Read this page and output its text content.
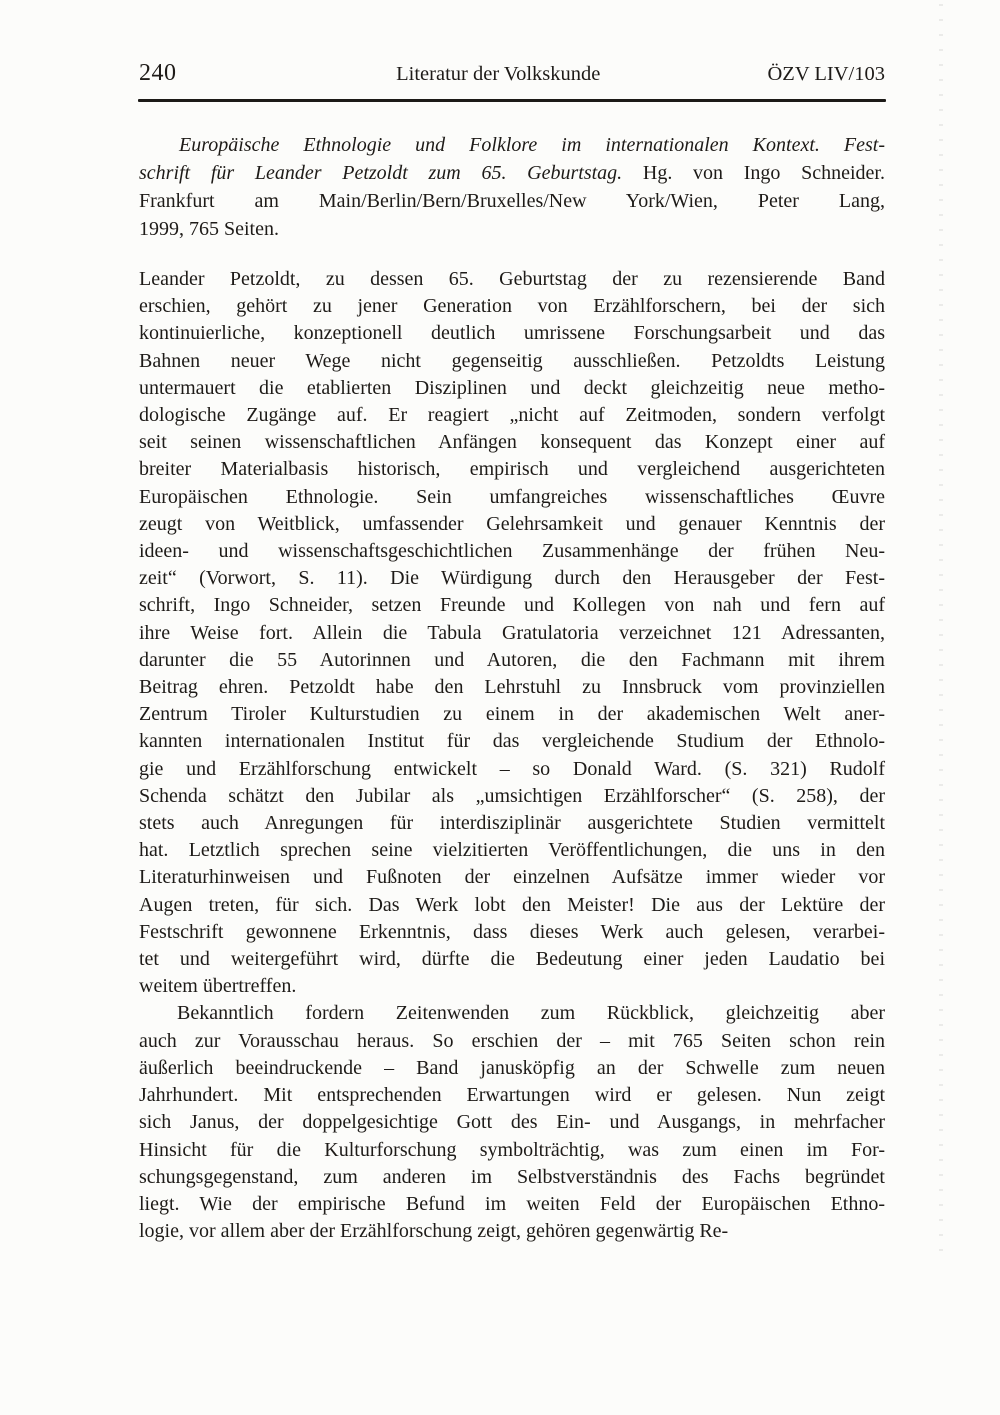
240	Literatur der Volkskunde	ÖZV LIV/103
Europäische Ethnologie und Folklore im internationalen Kontext. Fest-
schrift für Leander Petzoldt zum 65. Geburtstag. Hg. von Ingo Schneider.
Frankfurt am Main/Berlin/Bern/Bruxelles/New York/Wien, Peter Lang,
1999, 765 Seiten.
Leander Petzoldt, zu dessen 65. Geburtstag der zu rezensierende Band
erschien, gehört zu jener Generation von Erzählforschern, bei der sich
kontinuierliche, konzeptionell deutlich umrissene Forschungsarbeit und das
Bahnen neuer Wege nicht gegenseitig ausschließen. Petzoldts Leistung
untermauert die etablierten Disziplinen und deckt gleichzeitig neue metho-
dologische Zugänge auf. Er reagiert „nicht auf Zeitmoden, sondern verfolgt
seit seinen wissenschaftlichen Anfängen konsequent das Konzept einer auf
breiter Materialbasis historisch, empirisch und vergleichend ausgerichteten
Europäischen Ethnologie. Sein umfangreiches wissenschaftliches Œuvre
zeugt von Weitblick, umfassender Gelehrsamkeit und genauer Kenntnis der
ideen- und wissenschaftsgeschichtlichen Zusammenhänge der frühen Neu-
zeit“ (Vorwort, S. 11). Die Würdigung durch den Herausgeber der Fest-
schrift, Ingo Schneider, setzen Freunde und Kollegen von nah und fern auf
ihre Weise fort. Allein die Tabula Gratulatoria verzeichnet 121 Adressanten,
darunter die 55 Autorinnen und Autoren, die den Fachmann mit ihrem
Beitrag ehren. Petzoldt habe den Lehrstuhl zu Innsbruck vom provinziellen
Zentrum Tiroler Kulturstudien zu einem in der akademischen Welt aner-
kannten internationalen Institut für das vergleichende Studium der Ethnolo-
gie und Erzählforschung entwickelt – so Donald Ward. (S. 321) Rudolf
Schenda schätzt den Jubilar als „umsichtigen Erzählforscher“ (S. 258), der
stets auch Anregungen für interdisziplinär ausgerichtete Studien vermittelt
hat. Letztlich sprechen seine vielzitierten Veröffentlichungen, die uns in den
Literaturhinweisen und Fußnoten der einzelnen Aufsätze immer wieder vor
Augen treten, für sich. Das Werk lobt den Meister! Die aus der Lektüre der
Festschrift gewonnene Erkenntnis, dass dieses Werk auch gelesen, verarbei-
tet und weitergeführt wird, dürfte die Bedeutung einer jeden Laudatio bei
weitem übertreffen.
Bekanntlich fordern Zeitenwenden zum Rückblick, gleichzeitig aber
auch zur Vorausschau heraus. So erschien der – mit 765 Seiten schon rein
äußerlich beeindruckende – Band janusköpfig an der Schwelle zum neuen
Jahrhundert. Mit entsprechenden Erwartungen wird er gelesen. Nun zeigt
sich Janus, der doppelgesichtige Gott des Ein- und Ausgangs, in mehrfacher
Hinsicht für die Kulturforschung symbolträchtig, was zum einen im For-
schungsgegenstand, zum anderen im Selbstverständnis des Fachs begründet
liegt. Wie der empirische Befund im weiten Feld der Europäischen Ethno-
logie, vor allem aber der Erzählforschung zeigt, gehören gegenwärtig Re-
